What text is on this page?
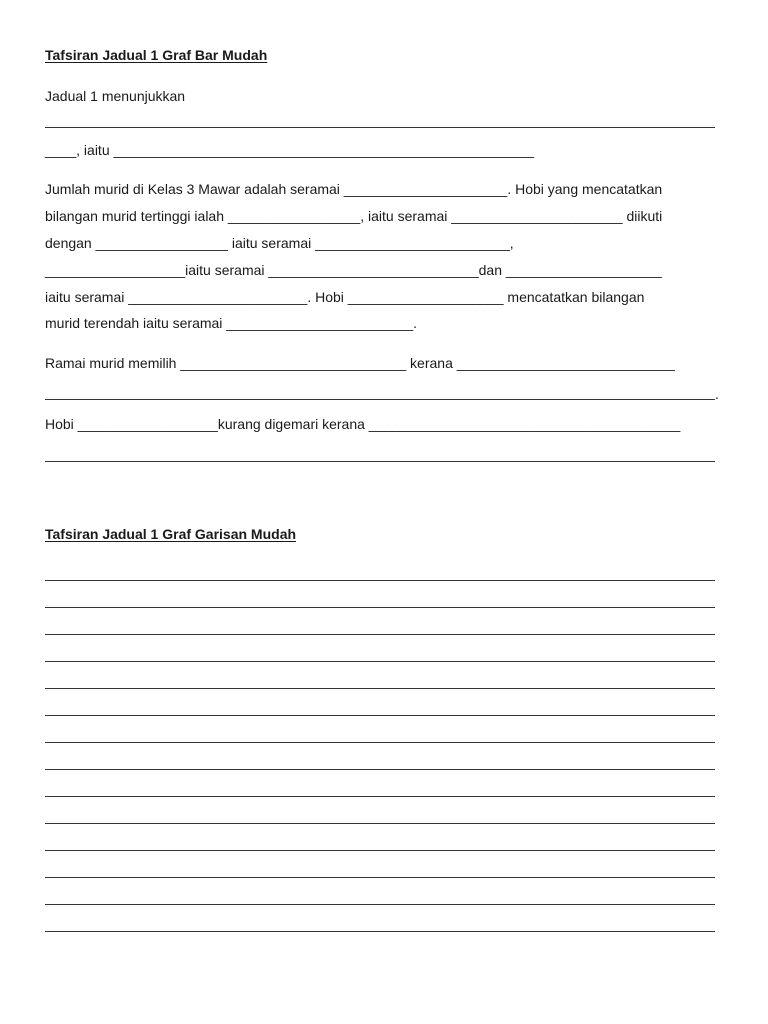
Tafsiran Jadual 1 Graf Bar Mudah
Jadual 1 menunjukkan
____, iaitu ______________________________________________________
Jumlah murid di Kelas 3 Mawar adalah seramai _____________________. Hobi yang mencatatkan
bilangan murid tertinggi ialah _________________, iaitu seramai ______________________ diikuti
dengan _________________ iaitu seramai _________________________,
__________________iaitu seramai ___________________________dan ____________________
iaitu seramai _______________________. Hobi ____________________ mencatatkan bilangan
murid terendah iaitu seramai ________________________.
Ramai murid memilih _____________________________ kerana ____________________________
.
Hobi __________________kurang digemari kerana ________________________________________
Tafsiran Jadual 1 Graf Garisan Mudah
